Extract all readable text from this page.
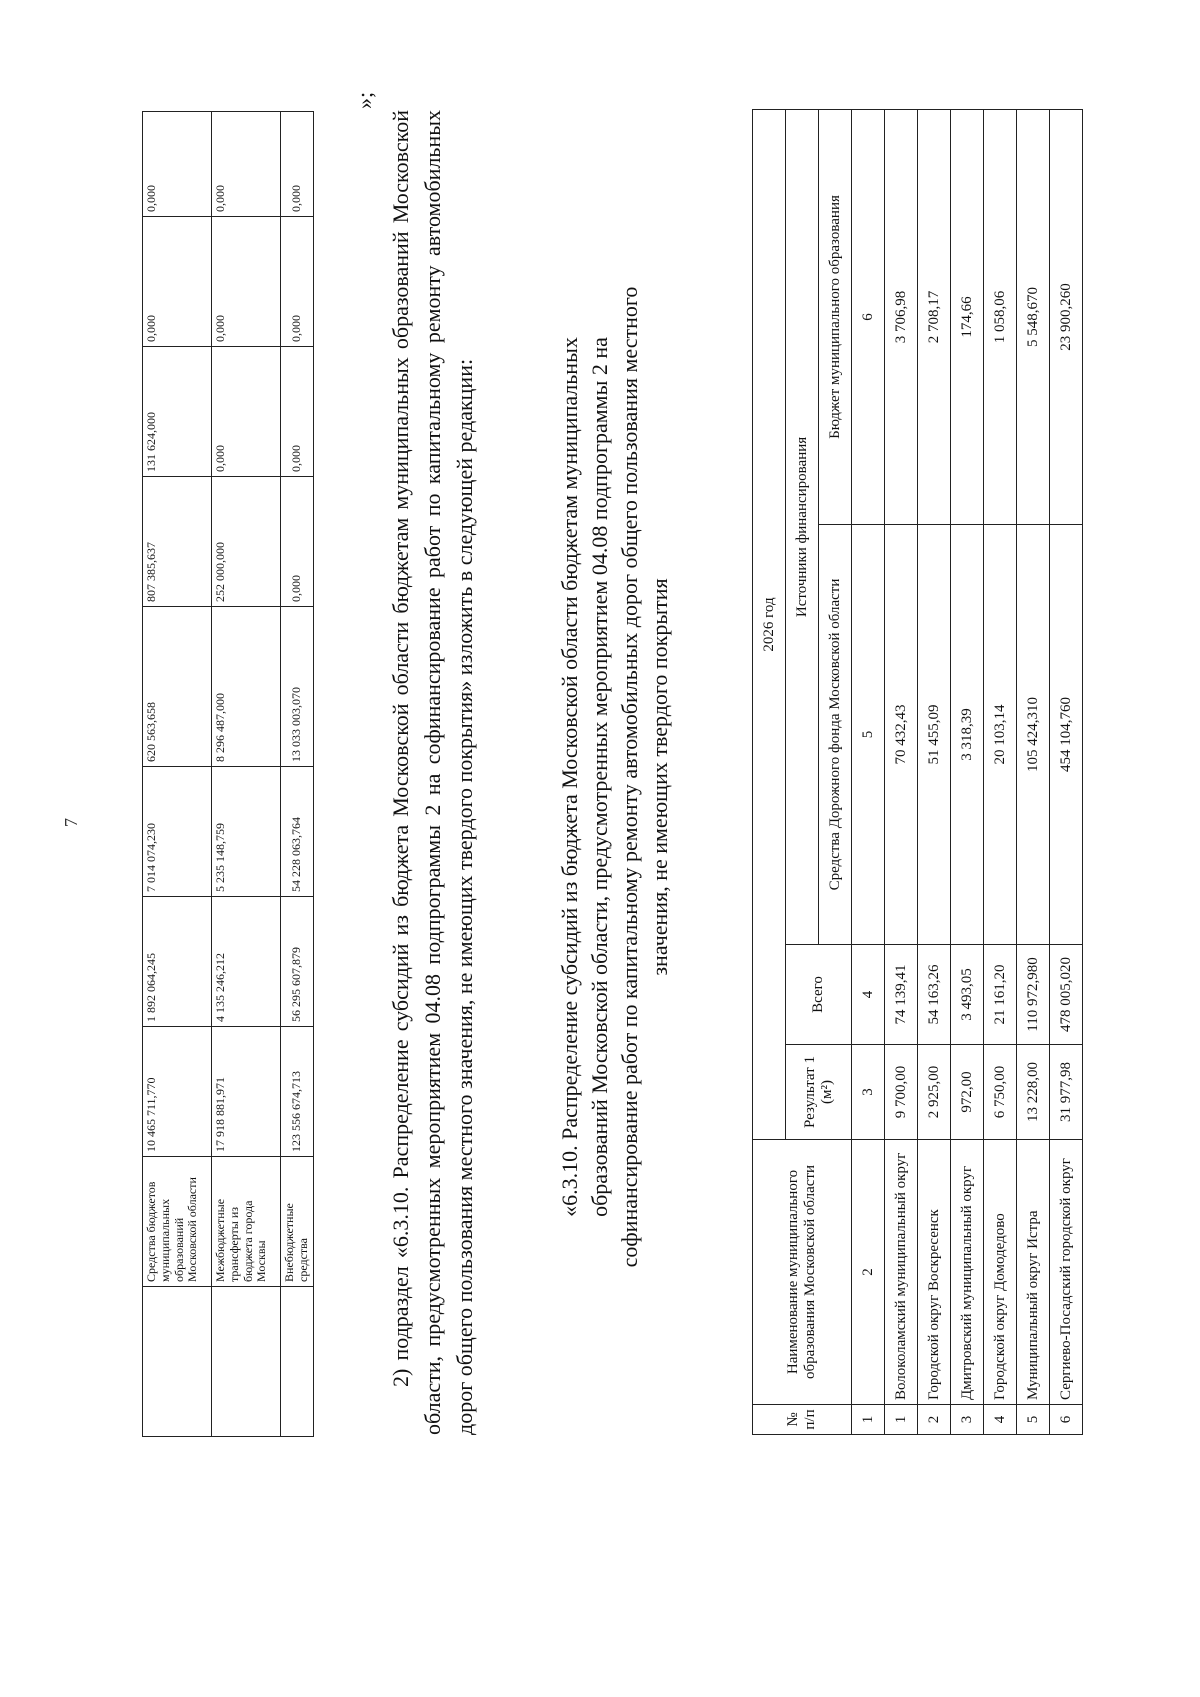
7
	Средства бюджетов муниципальных образований Московской области	10 465 711,770	1 892 064,245	7 014 074,230	620 563,658	807 385,637	131 624,000	0,000	0,000
	Межбюджетные трансферты из бюджета города Москвы	17 918 881,971	4 135 246,212	5 235 148,759	8 296 487,000	252 000,000	0,000	0,000	0,000
	Внебюджетные средства	123 556 674,713	56 295 607,879	54 228 063,764	13 033 003,070	0,000	0,000	0,000	0,000
»;
2) подраздел «6.3.10. Распределение субсидий из бюджета Московской области бюджетам муниципальных образований Московской области, предусмотренных мероприятием 04.08 подпрограммы 2 на софинансирование работ по капитальному ремонту автомобильных дорог общего пользования местного значения, не имеющих твердого покрытия» изложить в следующей редакции:	«6.3.10. Распределение субсидий из бюджета Московской области бюджетам муниципальных образований Московской области, предусмотренных мероприятием 04.08 подпрограммы 2 на софинансирование работ по капитальному ремонту автомобильных дорог общего пользования местного значения, не имеющих твердого покрытия
№ п/п	Наименование муниципального образования Московской области	2026 год			
		Результат 1 (м²)	Всего	Источники финансирования	
				Средства Дорожного фонда Московской области	Бюджет муниципального образования
1	2	3	4	5	6
1	Волоколамский муниципальный округ	9 700,00	74 139,41	70 432,43	3 706,98
2	Городской округ Воскресенск	2 925,00	54 163,26	51 455,09	2 708,17
3	Дмитровский муниципальный округ	972,00	3 493,05	3 318,39	174,66
4	Городской округ Домодедово	6 750,00	21 161,20	20 103,14	1 058,06
5	Муниципальный округ Истра	13 228,00	110 972,980	105 424,310	5 548,670
6	Сергиево-Посадский городской округ	31 977,98	478 005,020	454 104,760	23 900,260
